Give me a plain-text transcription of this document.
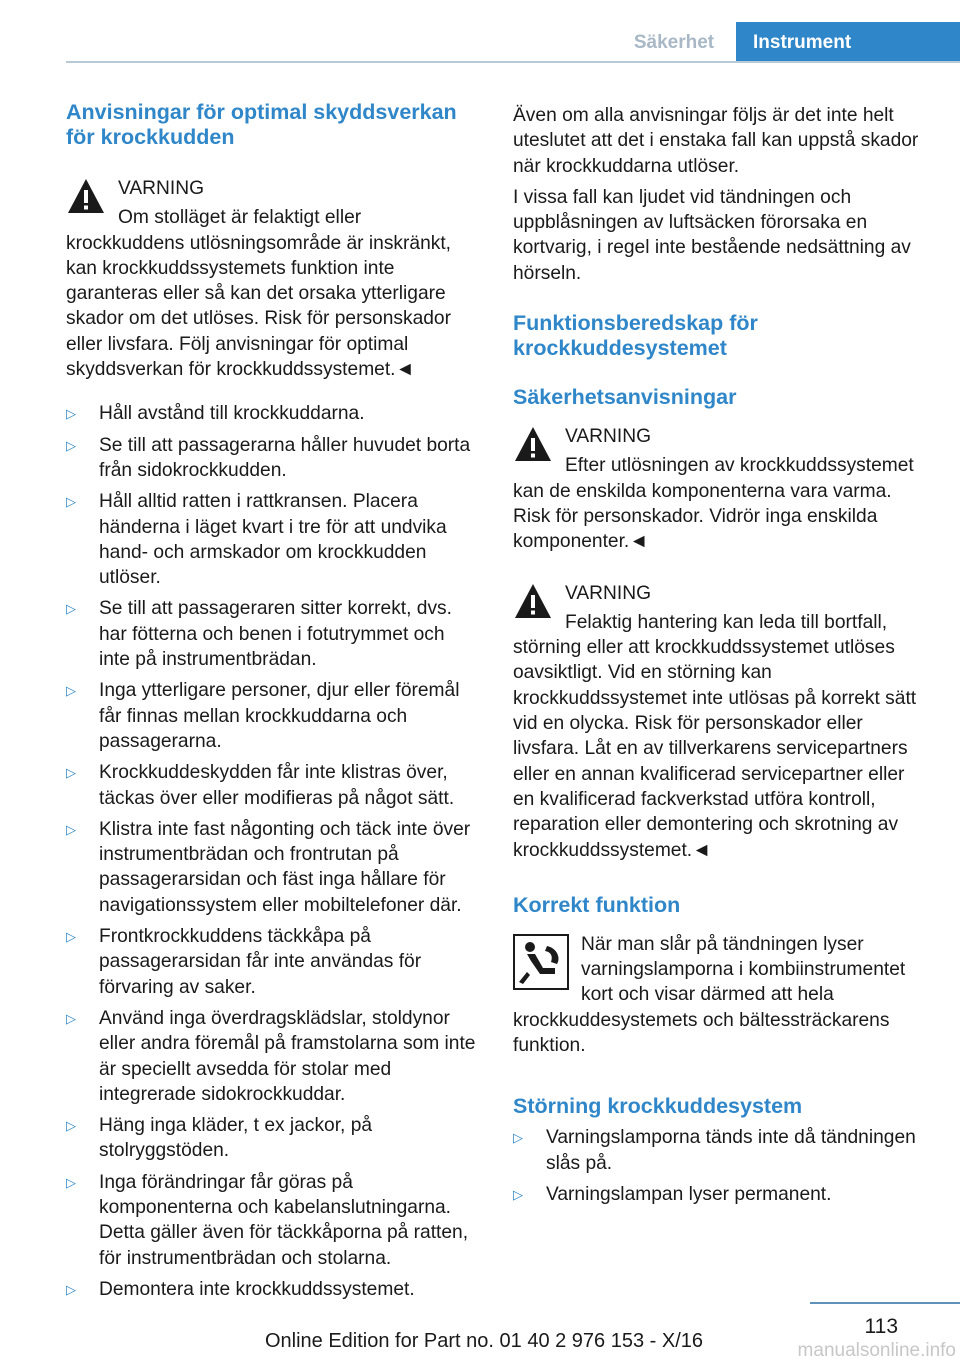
Säkerhet	Instrument
Anvisningar för optimal skyddsverkan för krockkudden
VARNING

Om stolläget är felaktigt eller krockkuddens utlösningsområde är inskränkt, kan krockkuddssystemets funktion inte garanteras eller så kan det orsaka ytterligare skador om det utlöses. Risk för personskador eller livsfara. Följ anvisningar för optimal skyddsverkan för krockkuddssystemet.◄

▷ Håll avstånd till krockkuddarna.
▷ Se till att passagerarna håller huvudet borta från sidokrockkudden.
▷ Håll alltid ratten i rattkransen. Placera händerna i läget kvart i tre för att undvika hand- och armskador om krockkudden utlöser.
▷ Se till att passageraren sitter korrekt, dvs. har fötterna och benen i fotutrymmet och inte på instrumentbrädan.
▷ Inga ytterligare personer, djur eller föremål får finnas mellan krockkuddarna och passagerarna.
▷ Krockkuddeskydden får inte klistras över, täckas över eller modifieras på något sätt.
▷ Klistra inte fast någonting och täck inte över instrumentbrädan och frontrutan på passagerarsidan och fäst inga hållare för navigationssystem eller mobiltelefoner där.
▷ Frontkrockkuddens täckkåpa på passagerarsidan får inte användas för förvaring av saker.
▷ Använd inga överdragsklädslar, stoldynor eller andra föremål på framstolarna som inte är speciellt avsedda för stolar med integrerade sidokrockkuddar.
▷ Häng inga kläder, t ex jackor, på stolryggstöden.
▷ Inga förändringar får göras på komponenterna och kabelanslutningarna. Detta gäller även för täckkåporna på ratten, för instrumentbrädan och stolarna.
▷ Demontera inte krockkuddssystemet.

Även om alla anvisningar följs är det inte helt uteslutet att det i enstaka fall kan uppstå skador när krockkuddarna utlöser.

I vissa fall kan ljudet vid tändningen och uppblåsningen av luftsäcken förorsaka en kortvarig, i regel inte bestående nedsättning av hörseln.

Funktionsberedskap för krockkuddesystemet
Säkerhetsanvisningar
VARNING

Efter utlösningen av krockkuddssystemet kan de enskilda komponenterna vara varma. Risk för personskador. Vidrör inga enskilda komponenter.◄

VARNING

Felaktig hantering kan leda till bortfall, störning eller att krockkuddssystemet utlöses oavsiktligt. Vid en störning kan krockkuddssystemet inte utlösas på korrekt sätt vid en olycka. Risk för personskador eller livsfara. Låt en av tillverkarens servicepartners eller en annan kvalificerad servicepartner eller en kvalificerad fackverkstad utföra kontroll, reparation eller demontering och skrotning av krockkuddssystemet.◄

Korrekt funktion

När man slår på tändningen lyser varningslamporna i kombiinstrumentet kort och visar därmed att hela krockkuddesystemets och bältessträckarens funktion.

Störning krockkuddesystem
▷ Varningslamporna tänds inte då tändningen slås på.
▷ Varningslampan lyser permanent.
113
Online Edition for Part no. 01 40 2 976 153 - X/16	manualsonline.info
